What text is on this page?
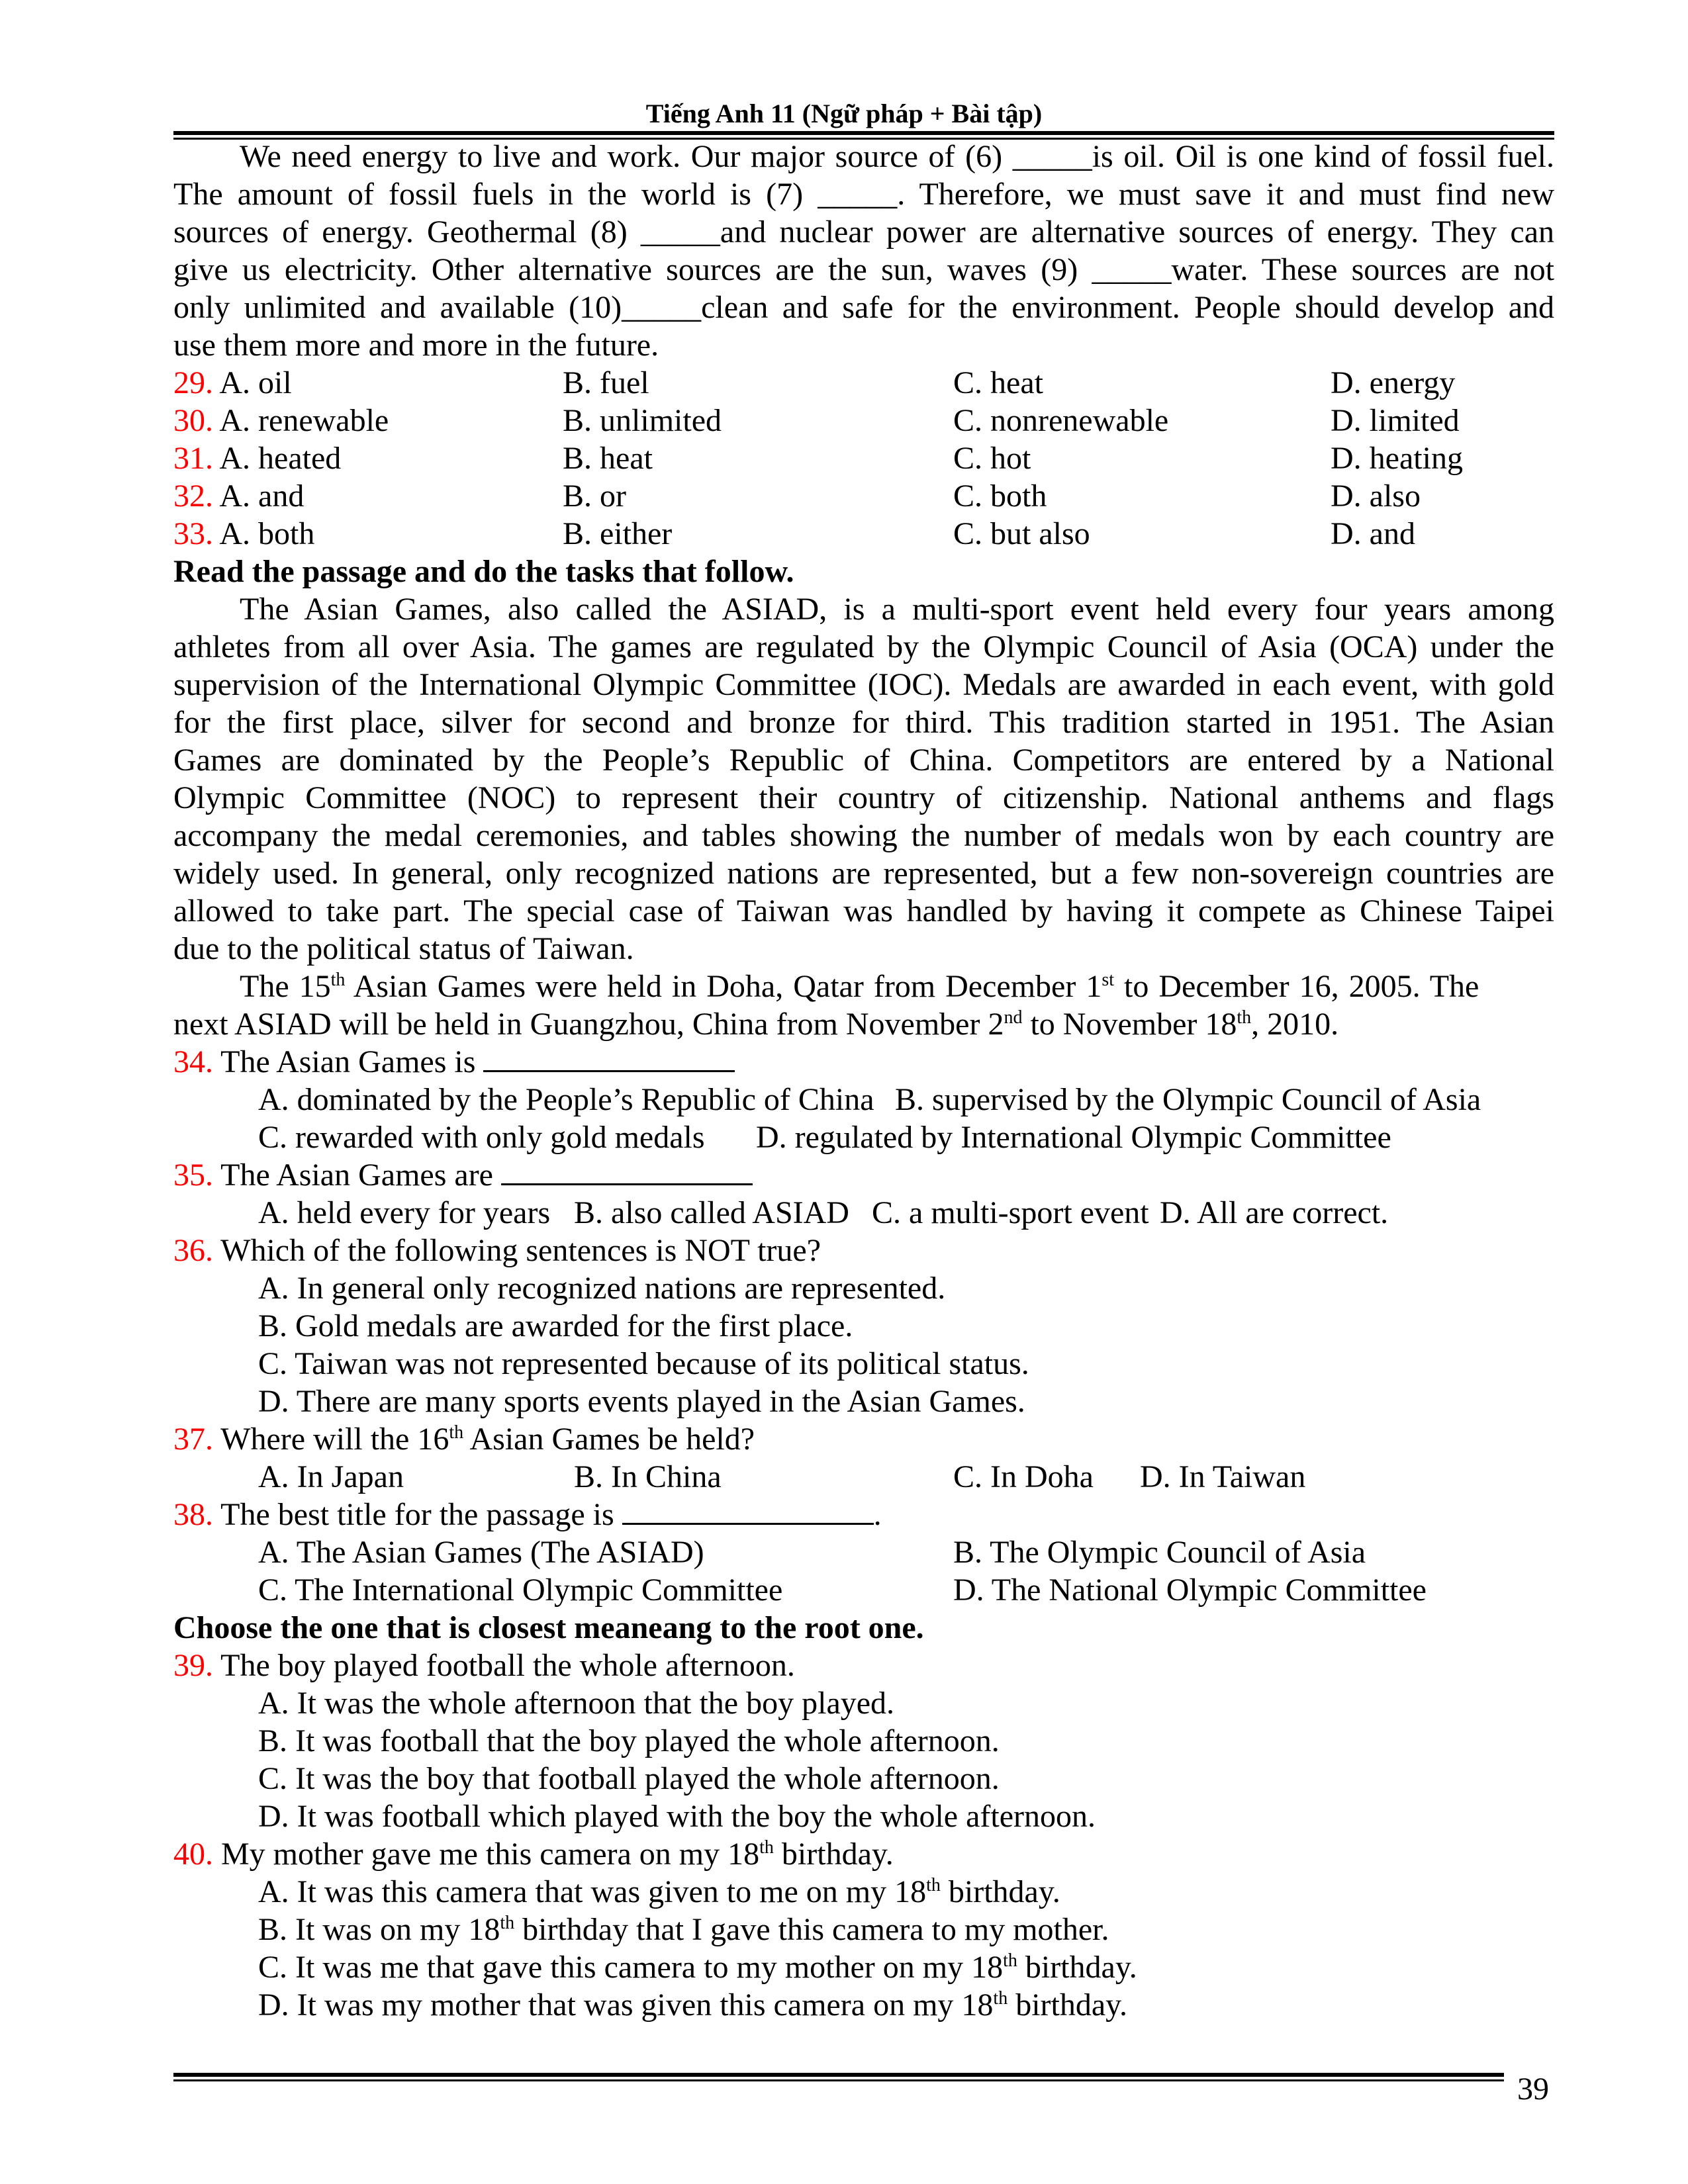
Tiếng Anh 11 (Ngữ pháp + Bài tập)
We need energy to live and work. Our major source of (6) _____is oil. Oil is one kind of fossil fuel.
The amount of fossil fuels in the world is (7) _____. Therefore, we must save it and must find new
sources of energy. Geothermal (8) _____and nuclear power are alternative sources of energy. They can
give us electricity. Other alternative sources are the sun, waves (9) _____water. These sources are not
only unlimited and available (10)_____clean and safe for the environment. People should develop and
use them more and more in the future.
29. A. oil	B. fuel	C. heat	D. energy
30. A. renewable	B. unlimited	C. nonrenewable	D. limited
31. A. heated	B. heat	C. hot	D. heating
32. A. and	B. or	C. both	D. also
33. A. both	B. either	C. but also	D. and
Read the passage and do the tasks that follow.
The Asian Games, also called the ASIAD, is a multi-sport event held every four years among
athletes from all over Asia. The games are regulated by the Olympic Council of Asia (OCA) under the
supervision of the International Olympic Committee (IOC). Medals are awarded in each event, with gold
for the first place, silver for second and bronze for third. This tradition started in 1951. The Asian
Games are dominated by the People’s Republic of China. Competitors are entered by a National
Olympic Committee (NOC) to represent their country of citizenship. National anthems and flags
accompany the medal ceremonies, and tables showing the number of medals won by each country are
widely used. In general, only recognized nations are represented, but a few non-sovereign countries are
allowed to take part. The special case of Taiwan was handled by having it compete as Chinese Taipei
due to the political status of Taiwan.
The 15th Asian Games were held in Doha, Qatar from December 1st to December 16, 2005. The
next ASIAD will be held in Guangzhou, China from November 2nd to November 18th, 2010.
34. The Asian Games is
A. dominated by the People’s Republic of China B. supervised by the Olympic Council of Asia
C. rewarded with only gold medals D. regulated by International Olympic Committee
35. The Asian Games are
A. held every for years B. also called ASIAD C. a multi-sport event D. All are correct.
36. Which of the following sentences is NOT true?
A. In general only recognized nations are represented.
B. Gold medals are awarded for the first place.
C. Taiwan was not represented because of its political status.
D. There are many sports events played in the Asian Games.
37. Where will the 16th Asian Games be held?
A. In Japan	B. In China	C. In Doha D. In Taiwan
38. The best title for the passage is	.
A. The Asian Games (The ASIAD)	B. The Olympic Council of Asia
C. The International Olympic Committee	D. The National Olympic Committee
Choose the one that is closest meaneang to the root one.
39. The boy played football the whole afternoon.
A. It was the whole afternoon that the boy played.
B. It was football that the boy played the whole afternoon.
C. It was the boy that football played the whole afternoon.
D. It was football which played with the boy the whole afternoon.
40. My mother gave me this camera on my 18th birthday.
A. It was this camera that was given to me on my 18th birthday.
B. It was on my 18th birthday that I gave this camera to my mother.
C. It was me that gave this camera to my mother on my 18th birthday.
D. It was my mother that was given this camera on my 18th birthday.
39
